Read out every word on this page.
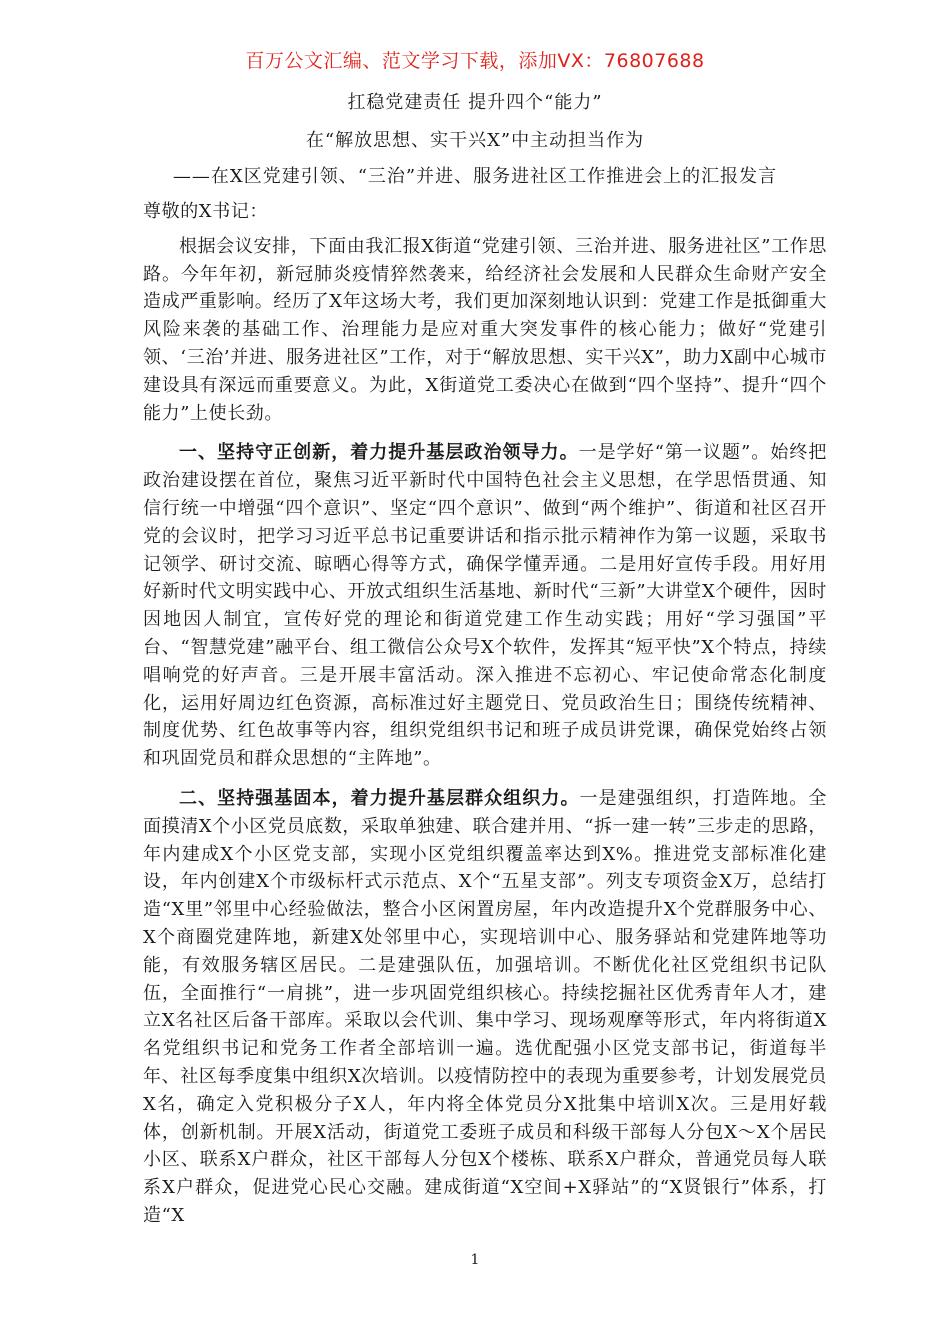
百万公文汇编、范文学习下载，添加VX：76807688
扛稳党建责任 提升四个“能力”
在“解放思想、实干兴X”中主动担当作为
——在X区党建引领、“三治”并进、服务进社区工作推进会上的汇报发言

尊敬的X书记：

根据会议安排，下面由我汇报X街道“党建引领、三治并进、服务进社区”工作思路。今年年初，新冠肺炎疫情猝然袭来，给经济社会发展和人民群众生命财产安全造成严重影响。经历了X年这场大考，我们更加深刻地认识到：党建工作是抵御重大风险来袭的基础工作、治理能力是应对重大突发事件的核心能力；做好“党建引领、‘三治’并进、服务进社区”工作，对于“解放思想、实干兴X”，助力X副中心城市建设具有深远而重要意义。为此，X街道党工委决心在做到“四个坚持”、提升“四个能力”上使长劲。

一、坚持守正创新，着力提升基层政治领导力。一是学好“第一议题”。始终把政治建设摆在首位，聚焦习近平新时代中国特色社会主义思想，在学思悟贯通、知信行统一中增强“四个意识”、坚定“四个意识”、做到“两个维护”、街道和社区召开党的会议时，把学习习近平总书记重要讲话和指示批示精神作为第一议题，采取书记领学、研讨交流、晾晒心得等方式，确保学懂弄通。二是用好宣传手段。用好用好新时代文明实践中心、开放式组织生活基地、新时代“三新”大讲堂X个硬件，因时因地因人制宜，宣传好党的理论和街道党建工作生动实践；用好“学习强国”平台、“智慧党建”融平台、组工微信公众号X个软件，发挥其“短平快”X个特点，持续唱响党的好声音。三是开展丰富活动。深入推进不忘初心、牢记使命常态化制度化，运用好周边红色资源，高标准过好主题党日、党员政治生日；围绕传统精神、制度优势、红色故事等内容，组织党组织书记和班子成员讲党课，确保党始终占领和巩固党员和群众思想的“主阵地”。

二、坚持强基固本，着力提升基层群众组织力。一是建强组织，打造阵地。全面摸清X个小区党员底数，采取单独建、联合建并用、“拆一建一转”三步走的思路，年内建成X个小区党支部，实现小区党组织覆盖率达到X%。推进党支部标准化建设，年内创建X个市级标杆式示范点、X个“五星支部”。列支专项资金X万，总结打造“X里”邻里中心经验做法，整合小区闲置房屋，年内改造提升X个党群服务中心、X个商圈党建阵地，新建X处邻里中心，实现培训中心、服务驿站和党建阵地等功能，有效服务辖区居民。二是建强队伍，加强培训。不断优化社区党组织书记队伍，全面推行“一肩挑”，进一步巩固党组织核心。持续挖掘社区优秀青年人才，建立X名社区后备干部库。采取以会代训、集中学习、现场观摩等形式，年内将街道X名党组织书记和党务工作者全部培训一遍。选优配强小区党支部书记，街道每半年、社区每季度集中组织X次培训。以疫情防控中的表现为重要参考，计划发展党员X名，确定入党积极分子X人，年内将全体党员分X批集中培训X次。三是用好载体，创新机制。开展X活动，街道党工委班子成员和科级干部每人分包X～X个居民小区、联系X户群众，社区干部每人分包X个楼栋、联系X户群众，普通党员每人联系X户群众，促进党心民心交融。建成街道“X空间+X驿站”的“X贤银行”体系，打造“X

1
